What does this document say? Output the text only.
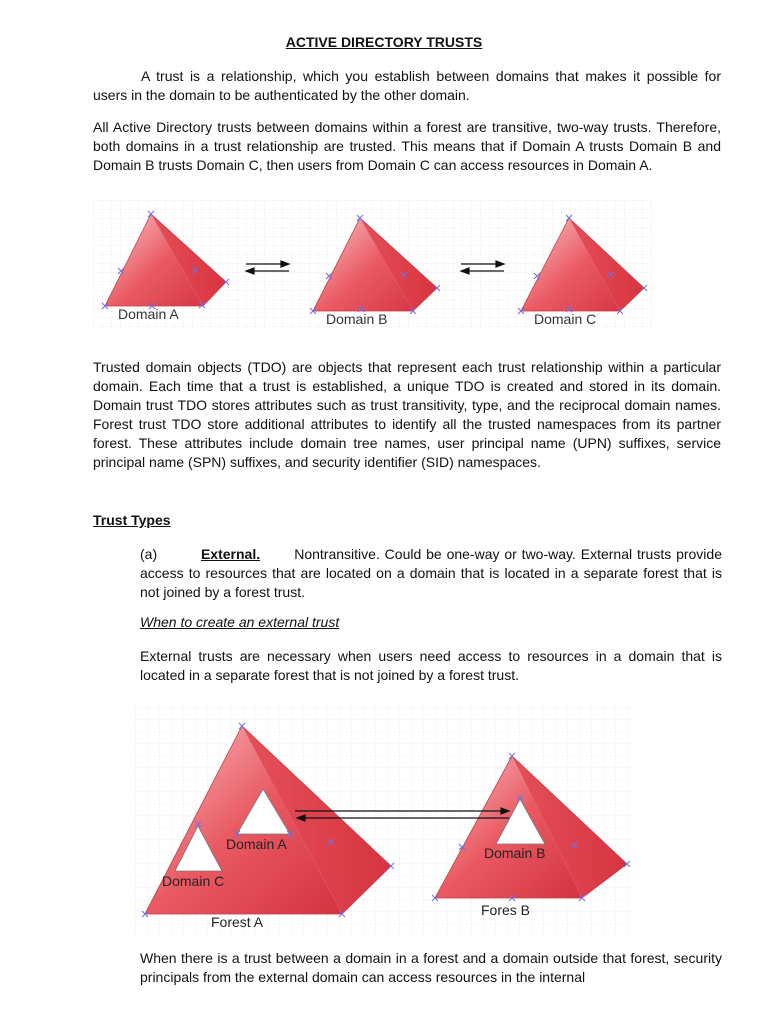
ACTIVE DIRECTORY TRUSTS
A trust is a relationship, which you establish between domains that makes it possible for users in the domain to be authenticated by the other domain.
All Active Directory trusts between domains within a forest are transitive, two-way trusts. Therefore, both domains in a trust relationship are trusted. This means that if Domain A trusts Domain B and Domain B trusts Domain C, then users from Domain C can access resources in Domain A.
Domain A	Domain B	Domain C
Trusted domain objects (TDO) are objects that represent each trust relationship within a particular domain. Each time that a trust is established, a unique TDO is created and stored in its domain. Domain trust TDO stores attributes such as trust transitivity, type, and the reciprocal domain names. Forest trust TDO store additional attributes to identify all the trusted namespaces from its partner forest. These attributes include domain tree names, user principal name (UPN) suffixes, service principal name (SPN) suffixes, and security identifier (SID) namespaces.
Trust Types
(a)	External. Nontransitive. Could be one-way or two-way. External trusts provide access to resources that are located on a domain that is located in a separate forest that is not joined by a forest trust.
When to create an external trust
External trusts are necessary when users need access to resources in a domain that is located in a separate forest that is not joined by a forest trust.
Domain A
Domain C
Forest A
Domain B
Fores B
When there is a trust between a domain in a forest and a domain outside that forest, security principals from the external domain can access resources in the internal
